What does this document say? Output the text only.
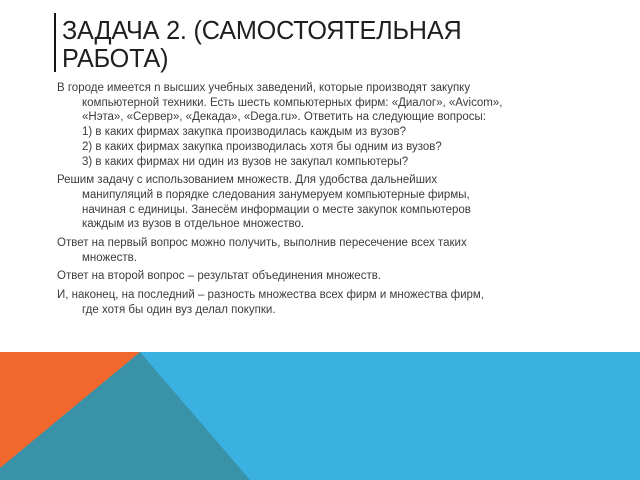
ЗАДАЧА 2. (САМОСТОЯТЕЛЬНАЯ
РАБОТА)
В городе имеется n высших учебных заведений, которые производят закупку
компьютерной техники. Есть шесть компьютерных фирм: «Диалог», «Avicom»,
«Нэта», «Сервер», «Декада», «Dega.ru». Ответить на следующие вопросы:
1) в каких фирмах закупка производилась каждым из вузов?
2) в каких фирмах закупка производилась хотя бы одним из вузов?
3) в каких фирмах ни один из вузов не закупал компьютеры?
Решим задачу с использованием множеств. Для удобства дальнейших
манипуляций в порядке следования занумеруем компьютерные фирмы,
начиная с единицы. Занесём информации о месте закупок компьютеров
каждым из вузов в отдельное множество.
Ответ на первый вопрос можно получить, выполнив пересечение всех таких
множеств.
Ответ на второй вопрос – результат объединения множеств.
И, наконец, на последний – разность множества всех фирм и множества фирм,
где хотя бы один вуз делал покупки.
